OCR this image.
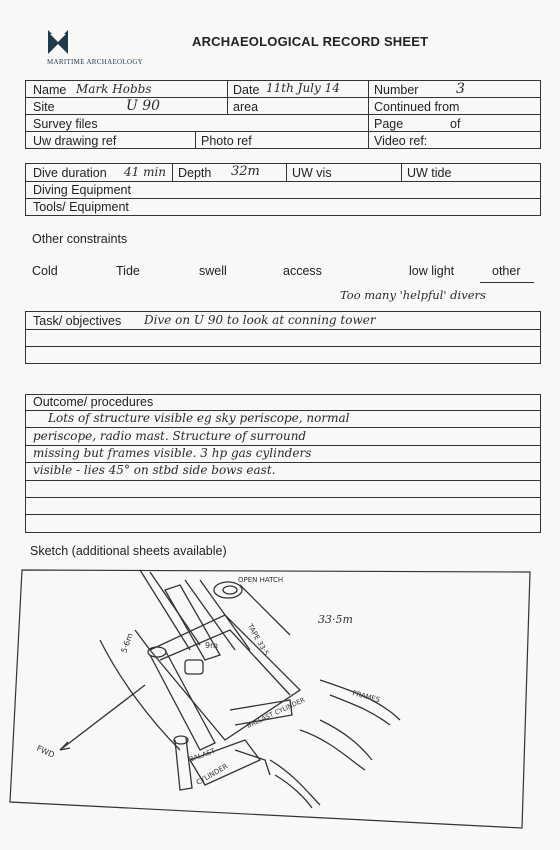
MARITIME ARCHAEOLOGY
ARCHAEOLOGICAL RECORD SHEET
Name Mark Hobbs	Date 11th July 14	Number	3
Site	U 90	area	Continued from
Survey files	Page	of
Uw drawing ref	Photo ref	Video ref:
Dive duration 41 min Depth 32m	UW vis	UW tide
Diving Equipment
Tools/ Equipment
Other constraints
Cold	Tide	swell	access	low light	other
Too many 'helpful' divers
Task/ objectives Dive on U 90 to look at conning tower
Outcome/ procedures
Lots of structure visible eg sky periscope, normal
periscope, radio mast. Structure of surround
missing but frames visible. 3 hp gas cylinders
visible - lies 45° on stbd side bows east.
Sketch (additional sheets available)
OPEN HATCH
33·5m
5·6m	9m	TAPE 33·5
FRAMES
BALLAST CYLINDER
BALAST
CYLINDER
FWD
